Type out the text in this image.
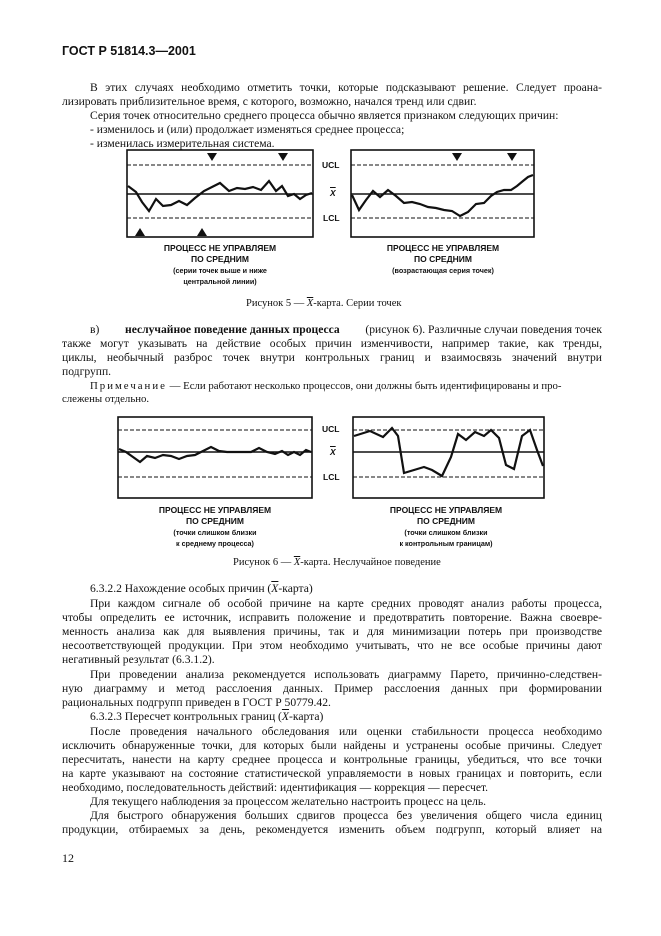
ГОСТ Р 51814.3—2001
В этих случаях необходимо отметить точки, которые подсказывают решение. Следует проана-
лизировать приблизительное время, с которого, возможно, начался тренд или сдвиг.
Серия точек относительно среднего процесса обычно является признаком следующих причин:
- изменилось и (или) продолжает изменяться среднее процесса;
- изменилась измерительная система.
UCL
$\overline{X}$
LCL
ПРОЦЕСС НЕ УПРАВЛЯЕМ
ПО СРЕДНИМ
(серии точек выше и ниже
центральной линии)
ПРОЦЕСС НЕ УПРАВЛЯЕМ
ПО СРЕДНИМ
(возрастающая серия точек)
Рисунок 5 — $\overline{X}$-карта. Серии точек
в) неслучайное поведение данных процесса (рисунок 6). Различные случаи поведения точек
также могут указывать на действие особых причин изменчивости, например такие, как тренды,
циклы, необычный разброс точек внутри контрольных границ и взаимосвязь значений внутри
подгрупп.
Примечание — Если работают несколько процессов, они должны быть идентифицированы и про-
слежены отдельно.
UCL
$\overline{X}$
LCL
ПРОЦЕСС НЕ УПРАВЛЯЕМ
ПО СРЕДНИМ
(точки слишком близки
к среднему процесса)
ПРОЦЕСС НЕ УПРАВЛЯЕМ
ПО СРЕДНИМ
(точки слишком близки
к контрольным границам)
Рисунок 6 — $\overline{X}$-карта. Неслучайное поведение
6.3.2.2 Нахождение особых причин $(\overline{X}-карта)$
При каждом сигнале об особой причине на карте средних проводят анализ работы процесса,
чтобы определить ее источник, исправить положение и предотвратить повторение. Важна своевре-
менность анализа как для выявления причины, так и для минимизации потерь при производстве
несоответствующей продукции. При этом необходимо учитывать, что не все особые причины дают
негативный результат (6.3.1.2).
При проведении анализа рекомендуется использовать диаграмму Парето, причинно-следствен-
ную диаграмму и метод расслоения данных. Пример расслоения данных при формировании
рациональных подгрупп приведен в ГОСТ Р 50779.42.
6.3.2.3 Пересчет контрольных границ $(\overline{X}-карта)$
После проведения начального обследования или оценки стабильности процесса необходимо
исключить обнаруженные точки, для которых были найдены и устранены особые причины. Следует
пересчитать, нанести на карту среднее процесса и контрольные границы, убедиться, что все точки
на карте указывают на состояние статистической управляемости в новых границах и повторить, если
необходимо, последовательность действий: идентификация — коррекция — пересчет.
Для текущего наблюдения за процессом желательно настроить процесс на цель.
Для быстрого обнаружения больших сдвигов процесса без увеличения общего числа единиц
продукции, отбираемых за день, рекомендуется изменить объем подгрупп, который влияет на
12
